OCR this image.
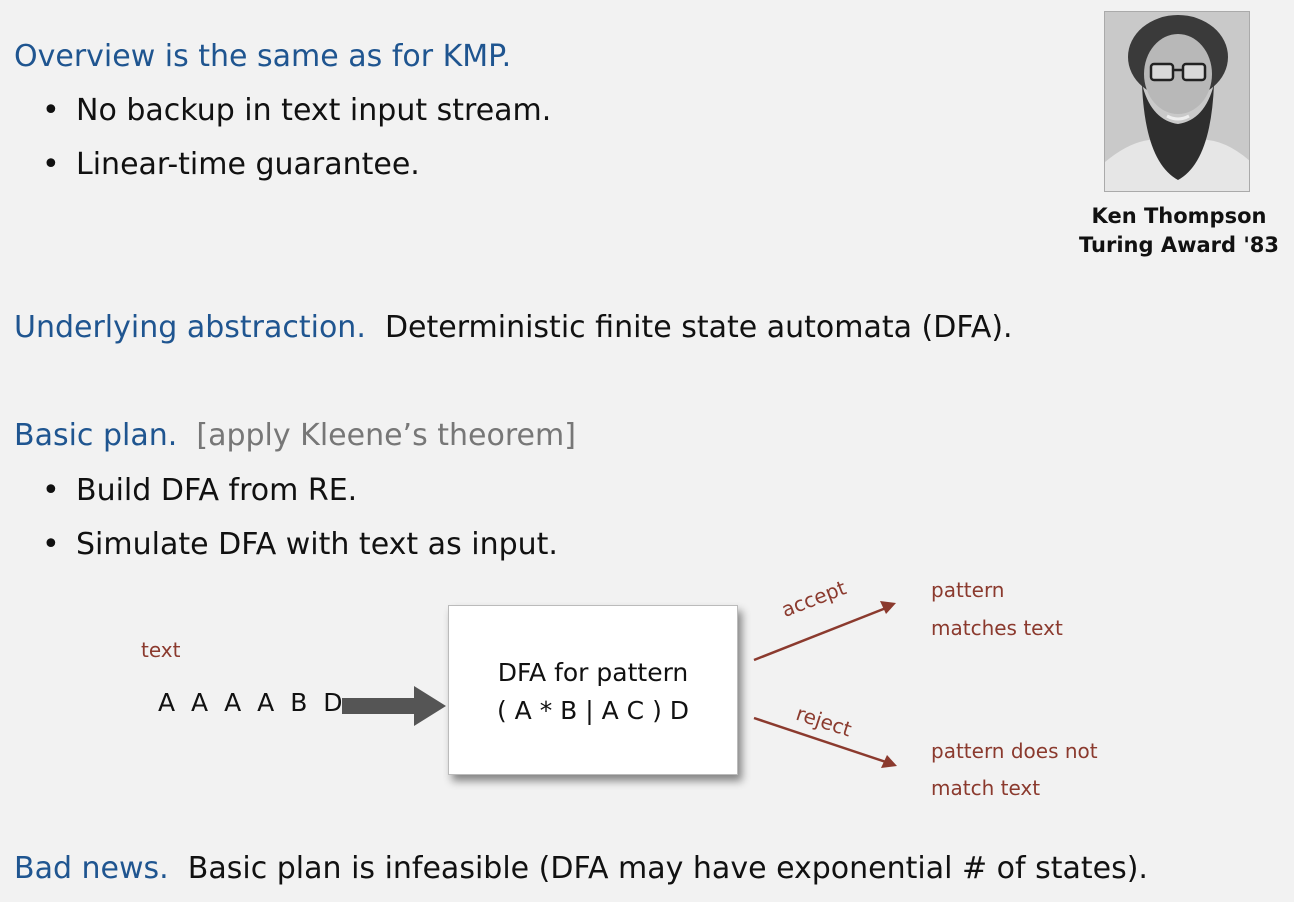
Overview is the same as for KMP.
• No backup in text input stream.
• Linear-time guarantee.
Ken Thompson
Turing Award '83
Underlying abstraction. Deterministic finite state automata (DFA).
Basic plan. [apply Kleene’s theorem]
• Build DFA from RE.
• Simulate DFA with text as input.
text
A A A A B D
DFA for pattern
( A * B | A C ) D
accept
reject
pattern
matches text
pattern does not
match text
Bad news. Basic plan is infeasible (DFA may have exponential # of states).
